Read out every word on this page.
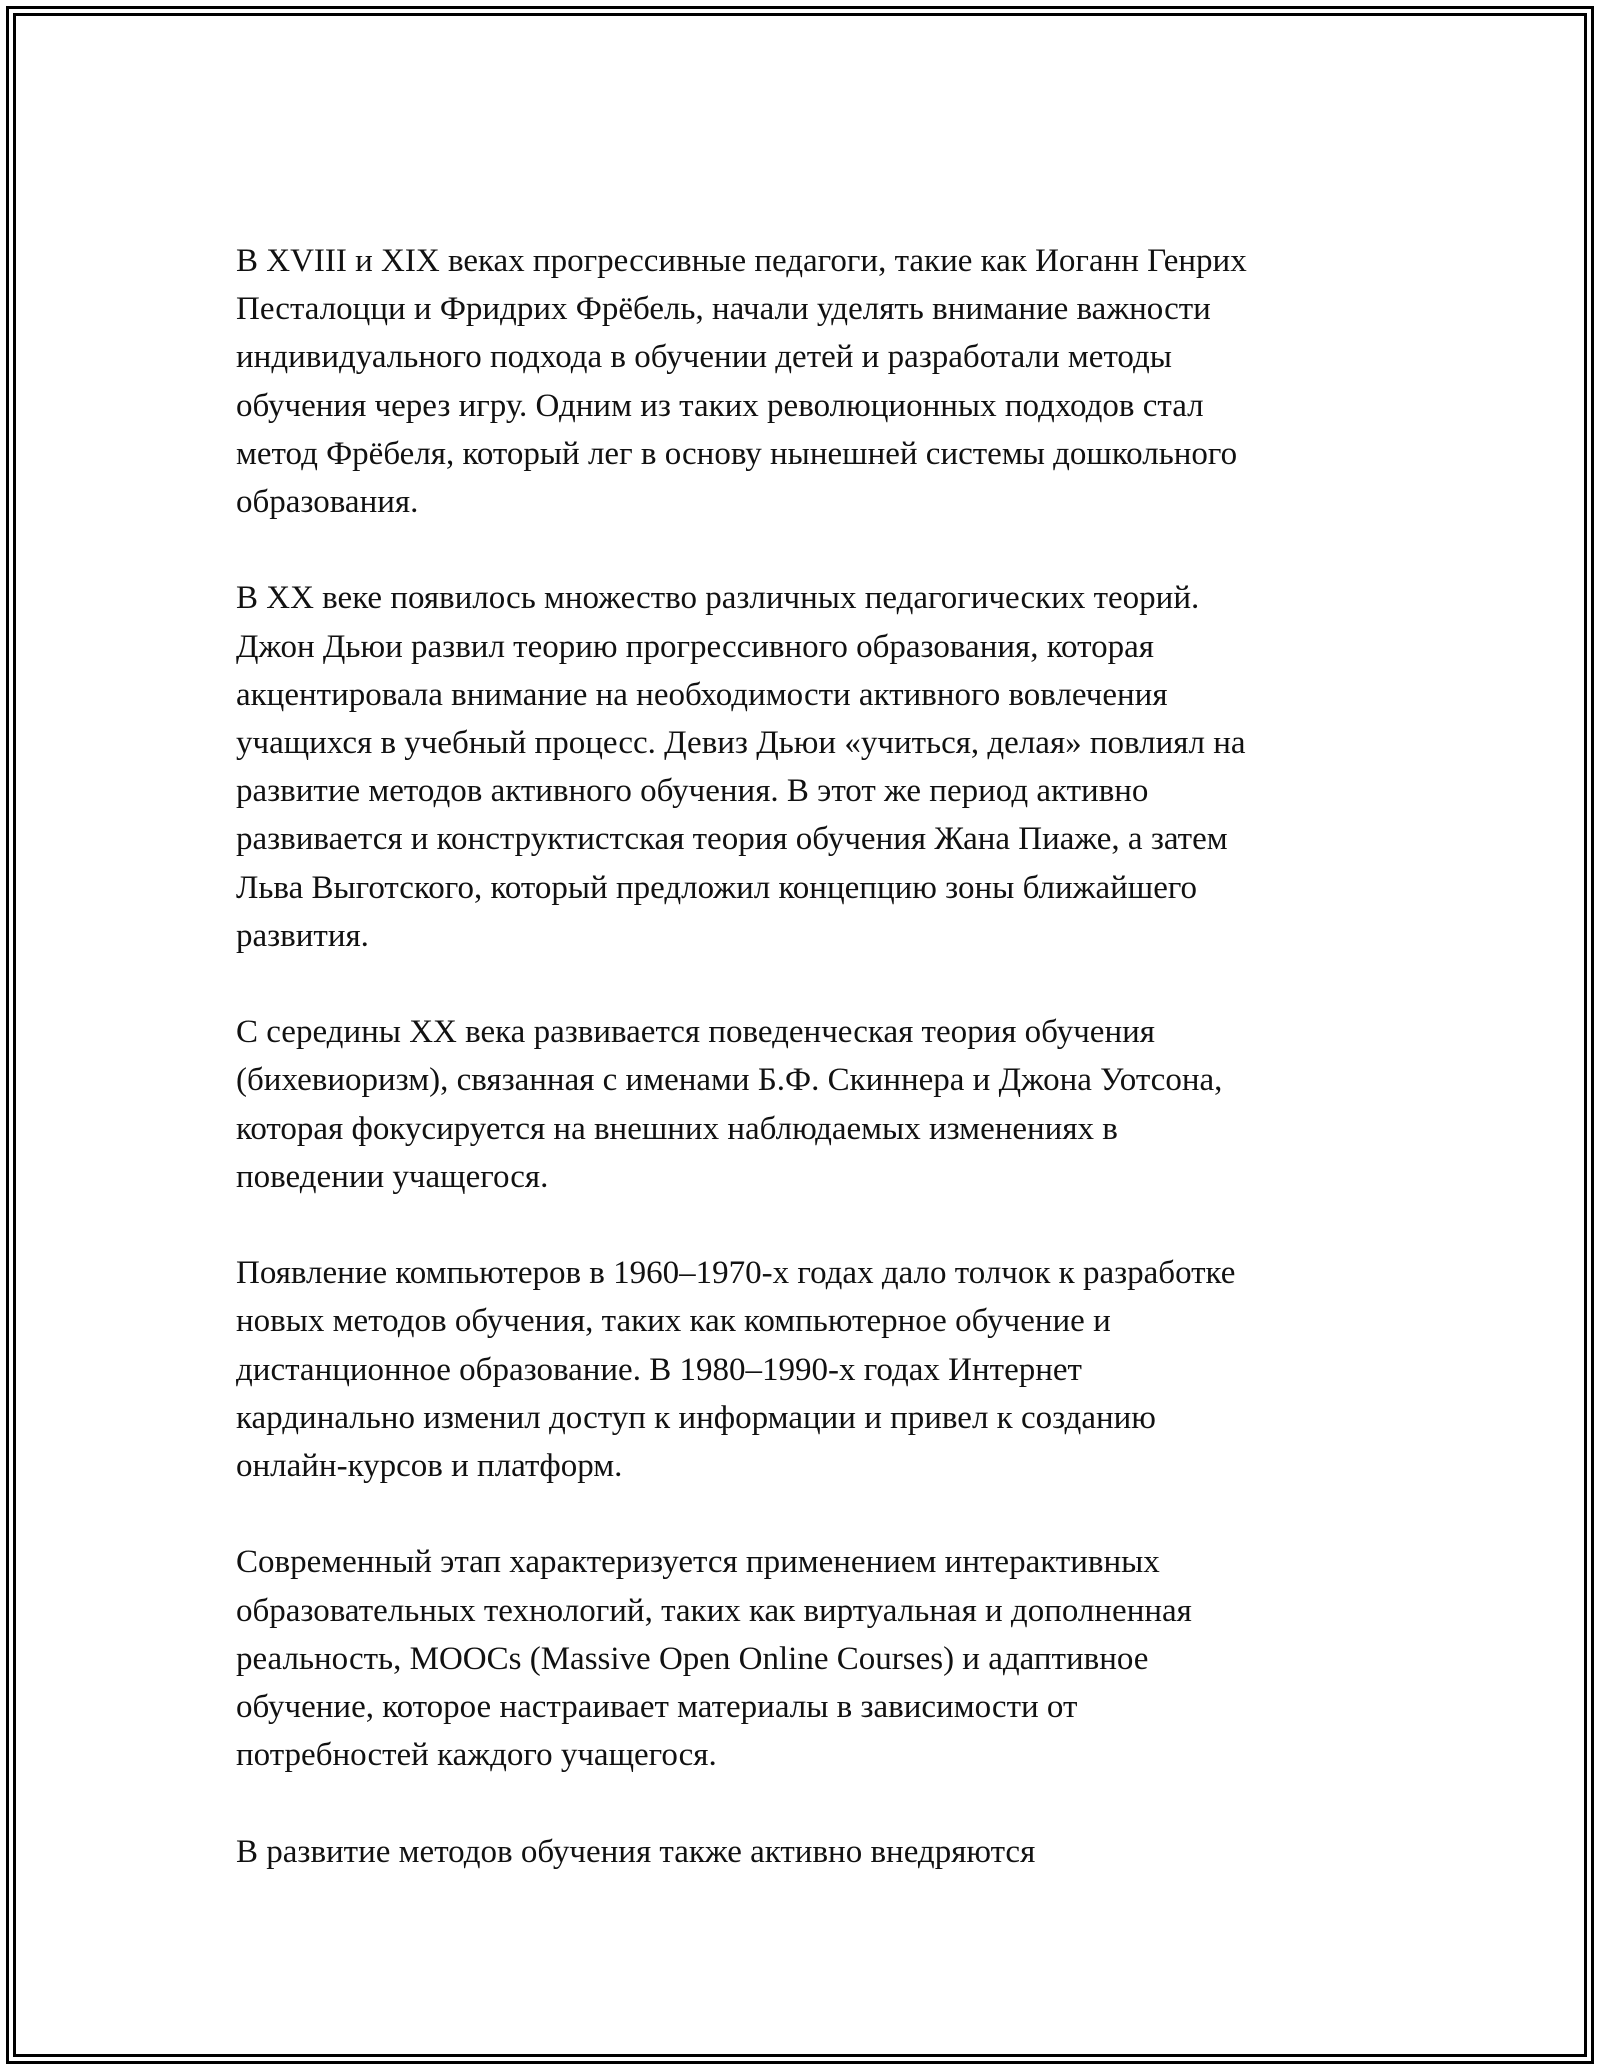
В XVIII и XIX веках прогрессивные педагоги, такие как Иоганн Генрих
Песталоцци и Фридрих Фрёбель, начали уделять внимание важности
индивидуального подхода в обучении детей и разработали методы
обучения через игру. Одним из таких революционных подходов стал
метод Фрёбеля, который лег в основу нынешней системы дошкольного
образования.

В XX веке появилось множество различных педагогических теорий.
Джон Дьюи развил теорию прогрессивного образования, которая
акцентировала внимание на необходимости активного вовлечения
учащихся в учебный процесс. Девиз Дьюи «учиться, делая» повлиял на
развитие методов активного обучения. В этот же период активно
развивается и конструктистская теория обучения Жана Пиаже, а затем
Льва Выготского, который предложил концепцию зоны ближайшего
развития.

С середины XX века развивается поведенческая теория обучения
(бихевиоризм), связанная с именами Б.Ф. Скиннера и Джона Уотсона,
которая фокусируется на внешних наблюдаемых изменениях в
поведении учащегося.

Появление компьютеров в 1960–1970-х годах дало толчок к разработке
новых методов обучения, таких как компьютерное обучение и
дистанционное образование. В 1980–1990-х годах Интернет
кардинально изменил доступ к информации и привел к созданию
онлайн-курсов и платформ.

Современный этап характеризуется применением интерактивных
образовательных технологий, таких как виртуальная и дополненная
реальность, MOOCs (Massive Open Online Courses) и адаптивное
обучение, которое настраивает материалы в зависимости от
потребностей каждого учащегося.

В развитие методов обучения также активно внедряются
